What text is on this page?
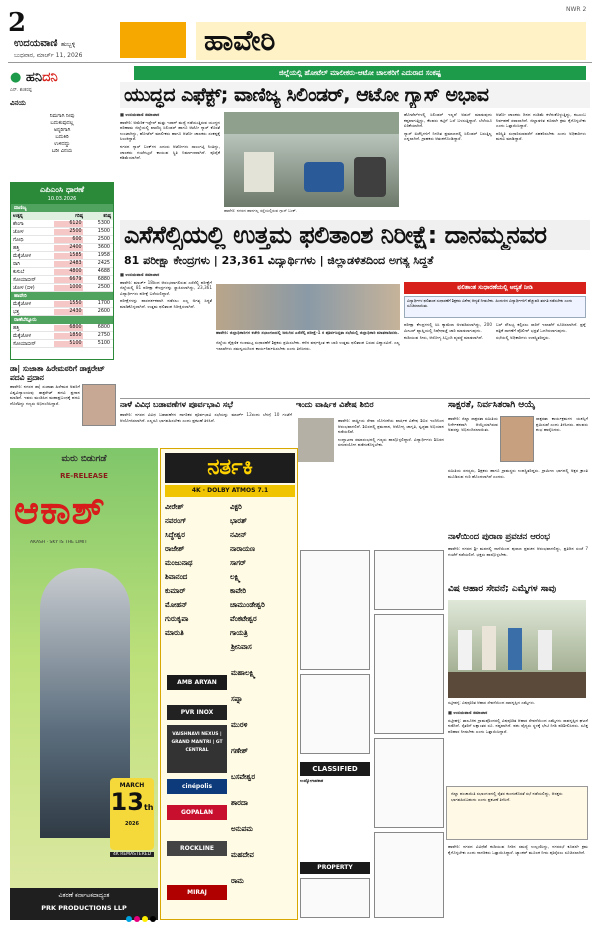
2
ಉದಯವಾಣಿ ಹುಬ್ಬಳ್ಳಿ
ಬುಧವಾರ, ಮಾರ್ಚ್ 11, 2026	ಹಾವೇರಿ
NWR 2
● ಹನಿದನಿ
ಎನ್. ಶಂಕರಪ್ಪ
ವಿನಯ
ನಿಮಗಾಗಿ ನೀವು
ಬದುಕುವುದಲ್ಲ
ಅನ್ಯರಿಗಾಗಿ
ಬದುಕಿರಿ
ಉಳಿದದ್ದು
ಬರೀ ವಿನಯ
ಎಪಿಎಂಸಿ ಧಾರಣೆ
10.03.2026
ವಾಣಿಜ್ಯ
ಉತ್ಪನ್ನ	ಗರಿಷ್ಠ	ಕನಿಷ್ಠ
ಶೇಂಗಾ	6120	5300
ಜೋಳ	2500	1500
ಗೋಧಿ	600	2500
ಹತ್ತಿ	2400	3600
ಮೆಕ್ಕೆಜೋಳ	1585	1958
ರಾಗಿ	2483	2425
ಕುಸುಬೆ	4800	4688
ಸೋಯಾಬೀನ್	6679	6880
ಜೋಳ (ಬಿಳಿ)	1000	2500
ಹಾವೇರಿ
ಮೆಕ್ಕೆಜೋಳ	1550	1700
ಭತ್ತ	2430	2600
ರಾಣೆಬೆನ್ನೂರು
ಹತ್ತಿ	6800	6800
ಮೆಕ್ಕೆಜೋಳ	1850	2750
ಸೋಯಾಬೀನ್	5100	5100
ಡಾ| ಸುಜಾತಾ ಹಿರೇಮಠರಿಗೆ ಡಾಕ್ಟರೇಟ್ ಪದವಿ ಪ್ರದಾನ

ಹಾವೇರಿ: ನಗರದ ಡಾ| ಸುಜಾತಾ ಹಿರೇಮಠ ಅವರಿಗೆ ವಿಶ್ವವಿದ್ಯಾಲಯವು ಡಾಕ್ಟರೇಟ್ ಪದವಿ ಪ್ರದಾನ ಮಾಡಿದೆ. ಇವರು ಮಂಡಿಸಿದ ಮಹಾಪ್ರಬಂಧಕ್ಕೆ ಪದವಿ ದೊರೆತಿದ್ದು ಗಣ್ಯರು ಅಭಿನಂದಿಸಿದ್ದಾರೆ.

ಜಿಲ್ಲೆಯಲ್ಲಿ ಹೋಟೆಲ್ ಮಾಲೀಕರು-ಆಟೋ ಚಾಲಕರಿಗೆ ಎದುರಾದ ಸಂಕಷ್ಟ
ಯುದ್ಧದ ಎಫೆಕ್ಟ್; ವಾಣಿಜ್ಯ ಸಿಲಿಂಡರ್, ಆಟೋ ಗ್ಯಾಸ್ ಅಭಾವ

■ ಉದಯವಾಣಿ ಸಮಾಚಾರ

ಹಾವೇರಿ: ಅಮೆರಿಕ-ಇಸ್ರೇಲ್ ಮತ್ತು ಇರಾನ್ ಮಧ್ಯೆ ನಡೆಯುತ್ತಿರುವ ಯುದ್ಧದ ಪರಿಣಾಮ ಜಿಲ್ಲೆಯಲ್ಲಿ ವಾಣಿಜ್ಯ ಸಿಲಿಂಡರ್ ಹಾಗೂ ಆಟೋ ಗ್ಯಾಸ್ ಕೊರತೆ ಉಂಟಾಗಿದ್ದು, ಹೋಟೆಲ್ ಮಾಲೀಕರು ಹಾಗೂ ಆಟೋ ಚಾಲಕರು ಸಂಕಷ್ಟಕ್ಕೆ ಸಿಲುಕಿದ್ದಾರೆ.

ನಗರದ ಗ್ಯಾಸ್ ಬಂಕ್‌ಗಳ ಎದುರು ಆಟೋಗಳು ಸಾಲುಗಟ್ಟಿ ನಿಂತಿದ್ದು, ಚಾಲಕರು ಗಂಟೆಗಟ್ಟಲೆ ಕಾಯುವ ಸ್ಥಿತಿ ನಿರ್ಮಾಣವಾಗಿದೆ. ಪೂರೈಕೆ ಕಡಿಮೆಯಾಗಿದೆ.

ಹಾವೇರಿ: ನಗರದ ಹಾನಗಲ್ಲ ರಸ್ತೆಯಲ್ಲಿರುವ ಗ್ಯಾಸ್ ಬಂಕ್.

ಹೋಟೆಲ್‌ಗಳಲ್ಲಿ ಸಿಲಿಂಡರ್ ಇಲ್ಲದೆ ಅಡುಗೆ ಮಾಡುವುದು ಕಷ್ಟವಾಗುತ್ತಿದ್ದು, ಕೆಲವರು ಕಟ್ಟಿಗೆ ಒಲೆ ಬಳಸುತ್ತಿದ್ದಾರೆ. ಬೆಲೆಯೂ ಏರಿಕೆಯಾಗಿದೆ.

ಗ್ಯಾಸ್ ಏಜೆನ್ಸಿಗಳಿಗೆ ನಿಗದಿತ ಪ್ರಮಾಣದಲ್ಲಿ ಸಿಲಿಂಡರ್ ಬರುತ್ತಿಲ್ಲ ಎನ್ನಲಾಗಿದೆ. ಗ್ರಾಹಕರು ಆತಂಕಗೊಂಡಿದ್ದಾರೆ.

ಆಟೋ ಚಾಲಕರು ದಿನದ ದುಡಿಮೆ ಕಳೆದುಕೊಳ್ಳುತ್ತಿದ್ದು, ಕುಟುಂಬ ನಿರ್ವಹಣೆ ಸವಾಲಾಗಿದೆ. ಜಿಲ್ಲಾಡಳಿತ ಕೂಡಲೇ ಕ್ರಮ ಕೈಗೊಳ್ಳಬೇಕು ಎಂದು ಒತ್ತಾಯಿಸಿದ್ದಾರೆ.

ಪರಿಸ್ಥಿತಿ ಸುಧಾರಿಸುವವರೆಗೆ ಸಹಕರಿಸಬೇಕು ಎಂದು ಅಧಿಕಾರಿಗಳು ಮನವಿ ಮಾಡಿದ್ದಾರೆ.

ಎಸೆಸೆಲ್ಸಿಯಲ್ಲಿ ಉತ್ತಮ ಫಲಿತಾಂಶ ನಿರೀಕ್ಷೆ: ದಾನಮ್ಮನವರ
81 ಪರೀಕ್ಷಾ ಕೇಂದ್ರಗಳು | 23,361 ವಿದ್ಯಾರ್ಥಿಗಳು | ಜಿಲ್ಲಾಡಳಿತದಿಂದ ಅಗತ್ಯ ಸಿದ್ಧತೆ

■ ಉದಯವಾಣಿ ಸಮಾಚಾರ

ಹಾವೇರಿ: ಮಾರ್ಚ್ 18ರಿಂದ ಆರಂಭವಾಗಲಿರುವ ಎಸೆಸೆಲ್ಸಿ ಪರೀಕ್ಷೆಗೆ ಜಿಲ್ಲೆಯಲ್ಲಿ 81 ಪರೀಕ್ಷಾ ಕೇಂದ್ರಗಳನ್ನು ಸ್ಥಾಪಿಸಲಾಗಿದ್ದು, 23,361 ವಿದ್ಯಾರ್ಥಿಗಳು ಪರೀಕ್ಷೆ ಬರೆಯಲಿದ್ದಾರೆ.

ಪರೀಕ್ಷೆಗಳನ್ನು ಪಾರದರ್ಶಕವಾಗಿ ನಡೆಸಲು ಎಲ್ಲ ಅಗತ್ಯ ಸಿದ್ಧತೆ ಮಾಡಿಕೊಳ್ಳಲಾಗಿದೆ. ಉತ್ತಮ ಫಲಿತಾಂಶ ನಿರೀಕ್ಷಿಸಲಾಗಿದೆ.

ಹಾವೇರಿ: ಜಿಲ್ಲಾಧಿಕಾರಿಗಳ ಕಚೇರಿ ಸಭಾಂಗಣದಲ್ಲಿ ಜರುಗಿದ ಎಸೆಸೆಲ್ಸಿ ಪರೀಕ್ಷೆ-1 ರ ಪೂರ್ವಸಿದ್ಧತಾ ಸಭೆಯಲ್ಲಿ ಜಿಲ್ಲಾಧಿಕಾರಿ ಮಾತನಾಡಿದರು.
ಫಲಿತಾಂಶ ಸುಧಾರಣೆಯಲ್ಲಿ ಆದ್ಯತೆ ನೀಡಿ
ವಿದ್ಯಾರ್ಥಿಗಳ ಫಲಿತಾಂಶ ಸುಧಾರಣೆಗೆ ಶಿಕ್ಷಕರು ವಿಶೇಷ ಆದ್ಯತೆ ನೀಡಬೇಕು. ಹಿಂದುಳಿದ ವಿದ್ಯಾರ್ಥಿಗಳಿಗೆ ಹೆಚ್ಚುವರಿ ತರಗತಿ ನಡೆಸಬೇಕು ಎಂದು ಸೂಚಿಸಲಾಯಿತು.

ಪರೀಕ್ಷಾ ಕೇಂದ್ರಗಳಲ್ಲಿ ಸಿಸಿ ಕ್ಯಾಮೆರಾ ಅಳವಡಿಸಲಾಗಿದ್ದು, 200 ಮೀಟರ್ ವ್ಯಾಪ್ತಿಯಲ್ಲಿ ನಿಷೇಧಾಜ್ಞೆ ಜಾರಿ ಮಾಡಲಾಗುವುದು.

ಕುಡಿಯುವ ನೀರು, ಆರೋಗ್ಯ ಸಿಬ್ಬಂದಿ ವ್ಯವಸ್ಥೆ ಮಾಡಲಾಗಿದೆ.

ಬಸ್ ಸೌಲಭ್ಯ ಕಲ್ಪಿಸಲು ಸಾರಿಗೆ ಇಲಾಖೆಗೆ ಸೂಚಿಸಲಾಗಿದೆ. ಪ್ರಶ್ನೆ ಪತ್ರಿಕೆ ಸಾಗಣೆಗೆ ಪೊಲೀಸ್ ಭದ್ರತೆ ಒದಗಿಸಲಾಗುವುದು.

ಸಭೆಯಲ್ಲಿ ಅಧಿಕಾರಿಗಳು ಉಪಸ್ಥಿತರಿದ್ದರು.

ಜಿಲ್ಲೆಯ ಶೈಕ್ಷಣಿಕ ಗುಣಮಟ್ಟ ಸುಧಾರಣೆಗೆ ಶಿಕ್ಷಕರು ಶ್ರಮಿಸಬೇಕು. ಕಳೆದ ವರ್ಷಕ್ಕಿಂತ ಈ ಬಾರಿ ಉತ್ತಮ ಫಲಿತಾಂಶ ಬರುವ ವಿಶ್ವಾಸವಿದೆ. ಎಲ್ಲ ಇಲಾಖೆಗಳು ಸಮನ್ವಯದಿಂದ ಕಾರ್ಯನಿರ್ವಹಿಸಬೇಕು ಎಂದು ತಿಳಿಸಿದರು.

ನಾಳೆ ವಿವಿಧ ಬಡಾವಣೆಗಳ ಪೂರ್ವಭಾವಿ ಸಭೆ

ಹಾವೇರಿ: ನಗರದ ವಿವಿಧ ಬಡಾವಣೆಗಳ ನಾಗರಿಕರ ಪೂರ್ವಭಾವಿ ಸಭೆಯನ್ನು ಮಾರ್ಚ್ 12ರಂದು ಬೆಳಗ್ಗೆ 10 ಗಂಟೆಗೆ ಆಯೋಜಿಸಲಾಗಿದೆ. ಎಲ್ಲರೂ ಭಾಗವಹಿಸಬೇಕು ಎಂದು ಪ್ರಕಟಣೆ ತಿಳಿಸಿದೆ.

ಇಂದು ವಾರ್ಷಿಕ ವಿಶೇಷ ಶಿಬಿರ

ಹಾವೇರಿ: ರಾಷ್ಟ್ರೀಯ ಸೇವಾ ಯೋಜನೆಯ ವಾರ್ಷಿಕ ವಿಶೇಷ ಶಿಬಿರ ಇಂದಿನಿಂದ ಆರಂಭವಾಗಲಿದೆ. ಶಿಬಿರದಲ್ಲಿ ಶ್ರಮದಾನ, ಆರೋಗ್ಯ ಜಾಗೃತಿ, ಸ್ವಚ್ಛತಾ ಅಭಿಯಾನ ನಡೆಯಲಿವೆ.

ಉದ್ಘಾಟನಾ ಸಮಾರಂಭದಲ್ಲಿ ಗಣ್ಯರು ಪಾಲ್ಗೊಳ್ಳಲಿದ್ದಾರೆ. ವಿದ್ಯಾರ್ಥಿಗಳು ಶಿಬಿರದ ಸದುಪಯೋಗ ಪಡೆದುಕೊಳ್ಳಬೇಕು.

ಸಾಕ್ಷರತೆ, ನಿರ್ವಸಿತರಾಗಿ ಆಯ್ಕೆ

ಹಾವೇರಿ: ಜಿಲ್ಲಾ ಸಾಕ್ಷರತಾ ಸಮಿತಿಯ ನಿರ್ದೇಶಕರಾಗಿ ಆಯ್ಕೆಯಾಗಿರುವ ಅವರನ್ನು ಅಭಿನಂದಿಸಲಾಯಿತು.

ಸಾಕ್ಷರತಾ ಕಾರ್ಯಕ್ರಮಗಳ ಯಶಸ್ಸಿಗೆ ಶ್ರಮಿಸುವೆ ಎಂದು ತಿಳಿಸಿದರು. ಹಲವರು ಶುಭ ಹಾರೈಸಿದರು.

ಸಮಿತಿಯ ಸದಸ್ಯರು, ಶಿಕ್ಷಕರು ಹಾಗೂ ಗ್ರಾಮಸ್ಥರು ಉಪಸ್ಥಿತರಿದ್ದರು. ಗ್ರಾಮೀಣ ಭಾಗದಲ್ಲಿ ಅಕ್ಷರ ಕ್ರಾಂತಿ ಮೂಡಿಸುವ ಗುರಿ ಹೊಂದಲಾಗಿದೆ ಎಂದರು.

ನಾಳೆಯಿಂದ ಪುರಾಣ ಪ್ರವಚನ ಆರಂಭ

ಹಾವೇರಿ: ನಗರದ ಶ್ರೀ ಮಠದಲ್ಲಿ ನಾಳೆಯಿಂದ ಪುರಾಣ ಪ್ರವಚನ ಆರಂಭವಾಗಲಿದ್ದು, ಪ್ರತಿದಿನ ಸಂಜೆ 7 ಗಂಟೆಗೆ ನಡೆಯಲಿದೆ. ಭಕ್ತರು ಪಾಲ್ಗೊಳ್ಳಬೇಕು.

ವಿಷ ಆಹಾರ ಸೇವನೆ; ಎಮ್ಮೆಗಳ ಸಾವು
ರಟ್ಟೀಹಳ್ಳಿ: ವಿಷಪೂರಿತ ಆಹಾರ ಸೇವನೆಯಿಂದ ಸಾವನ್ನಪ್ಪಿದ ಎಮ್ಮೆಗಳು.

■ ಉದಯವಾಣಿ ಸಮಾಚಾರ

ರಟ್ಟೀಹಳ್ಳಿ: ತಾಲೂಕಿನ ಗ್ರಾಮವೊಂದರಲ್ಲಿ ವಿಷಪೂರಿತ ಆಹಾರ ಸೇವನೆಯಿಂದ ಎಮ್ಮೆಗಳು ಸಾವನ್ನಪ್ಪಿದ ಘಟನೆ ನಡೆದಿದೆ. ರೈತರಿಗೆ ಲಕ್ಷಾಂತರ ರೂ. ನಷ್ಟವಾಗಿದೆ. ಪಶು ವೈದ್ಯರು ಸ್ಥಳಕ್ಕೆ ಭೇಟಿ ನೀಡಿ ಪರಿಶೀಲಿಸಿದರು. ಸೂಕ್ತ ಪರಿಹಾರ ನೀಡಬೇಕು ಎಂದು ಒತ್ತಾಯಿಸಿದ್ದಾರೆ.

ಜಿಲ್ಲಾ ಪಂಚಾಯಿತಿ ಸಭಾಂಗಣದಲ್ಲಿ ರೈತರ ಕುಂದುಕೊರತೆ ಸಭೆ ನಡೆಯಲಿದ್ದು, ಆಸಕ್ತರು ಭಾಗವಹಿಸಬಹುದು ಎಂದು ಪ್ರಕಟಣೆ ತಿಳಿಸಿದೆ.

ಹಾವೇರಿ: ನಗರದ ವಿವಿಧೆಡೆ ಕುಡಿಯುವ ನೀರಿನ ಸಮಸ್ಯೆ ಉಲ್ಬಣಿಸಿದ್ದು, ನಗರಸಭೆ ಕೂಡಲೇ ಕ್ರಮ ಕೈಗೊಳ್ಳಬೇಕು ಎಂದು ನಾಗರಿಕರು ಒತ್ತಾಯಿಸಿದ್ದಾರೆ. ಟ್ಯಾಂಕರ್ ಮೂಲಕ ನೀರು ಪೂರೈಸಲು ಸೂಚಿಸಲಾಗಿದೆ.

ಮರು ಬಿಡುಗಡೆ
RE-RELEASE
ಆಕಾಶ್
AKASH · SKY IS THE LIMIT
MARCH
13th
2026
4K REMASTERED
ವಿತರಣೆ ಕರ್ನಾಟಕದಾದ್ಯಂತ
PRK PRODUCTIONS LLP
ನರ್ತಕಿ
4K · DOLBY ATMOS 7.1
ವೀರೇಶ್	ವಿಕ್ಟರಿ
ನವರಂಗ್	ಭಾರತ್
ಸಿದ್ಧೇಶ್ವರ	ನವೀನ್
ರಾಜೇಶ್	ನಾರಾಯಣ
ಮಂಜುನಾಥ	ಸಾಗರ್
ಶಿವಾನಂದ	ಲಕ್ಷ್ಮಿ
ಕುಮಾರ್	ಕಾವೇರಿ
ಮೋಹನ್	ಚಾಮುಂಡೇಶ್ವರಿ
ಗುರುಕೃಪಾ	ವೆಂಕಟೇಶ್ವರ
ಮಾರುತಿ	ಗಾಯತ್ರಿ
ಶ್ರೀನಿವಾಸ
ಮಹಾಲಕ್ಷ್ಮಿ
ಸಪ್ನಾ
ಮುರಳಿ
ಗಣೇಶ್
ಬಸವೇಶ್ವರ
ಶಾರದಾ
ಅನುಪಮ
ಮಹದೇವ
ರಾಮ
AMB ARYAN
PVR INOX
VAISHNAVI NEXUS | GRAND MANTRI | GT CENTRAL
cinépolis
GOPALAN
ROCKLINE
MIRAJ
CLASSIFIED
ಉದ್ಯೋಗಾವಕಾಶ
PROPERTY
